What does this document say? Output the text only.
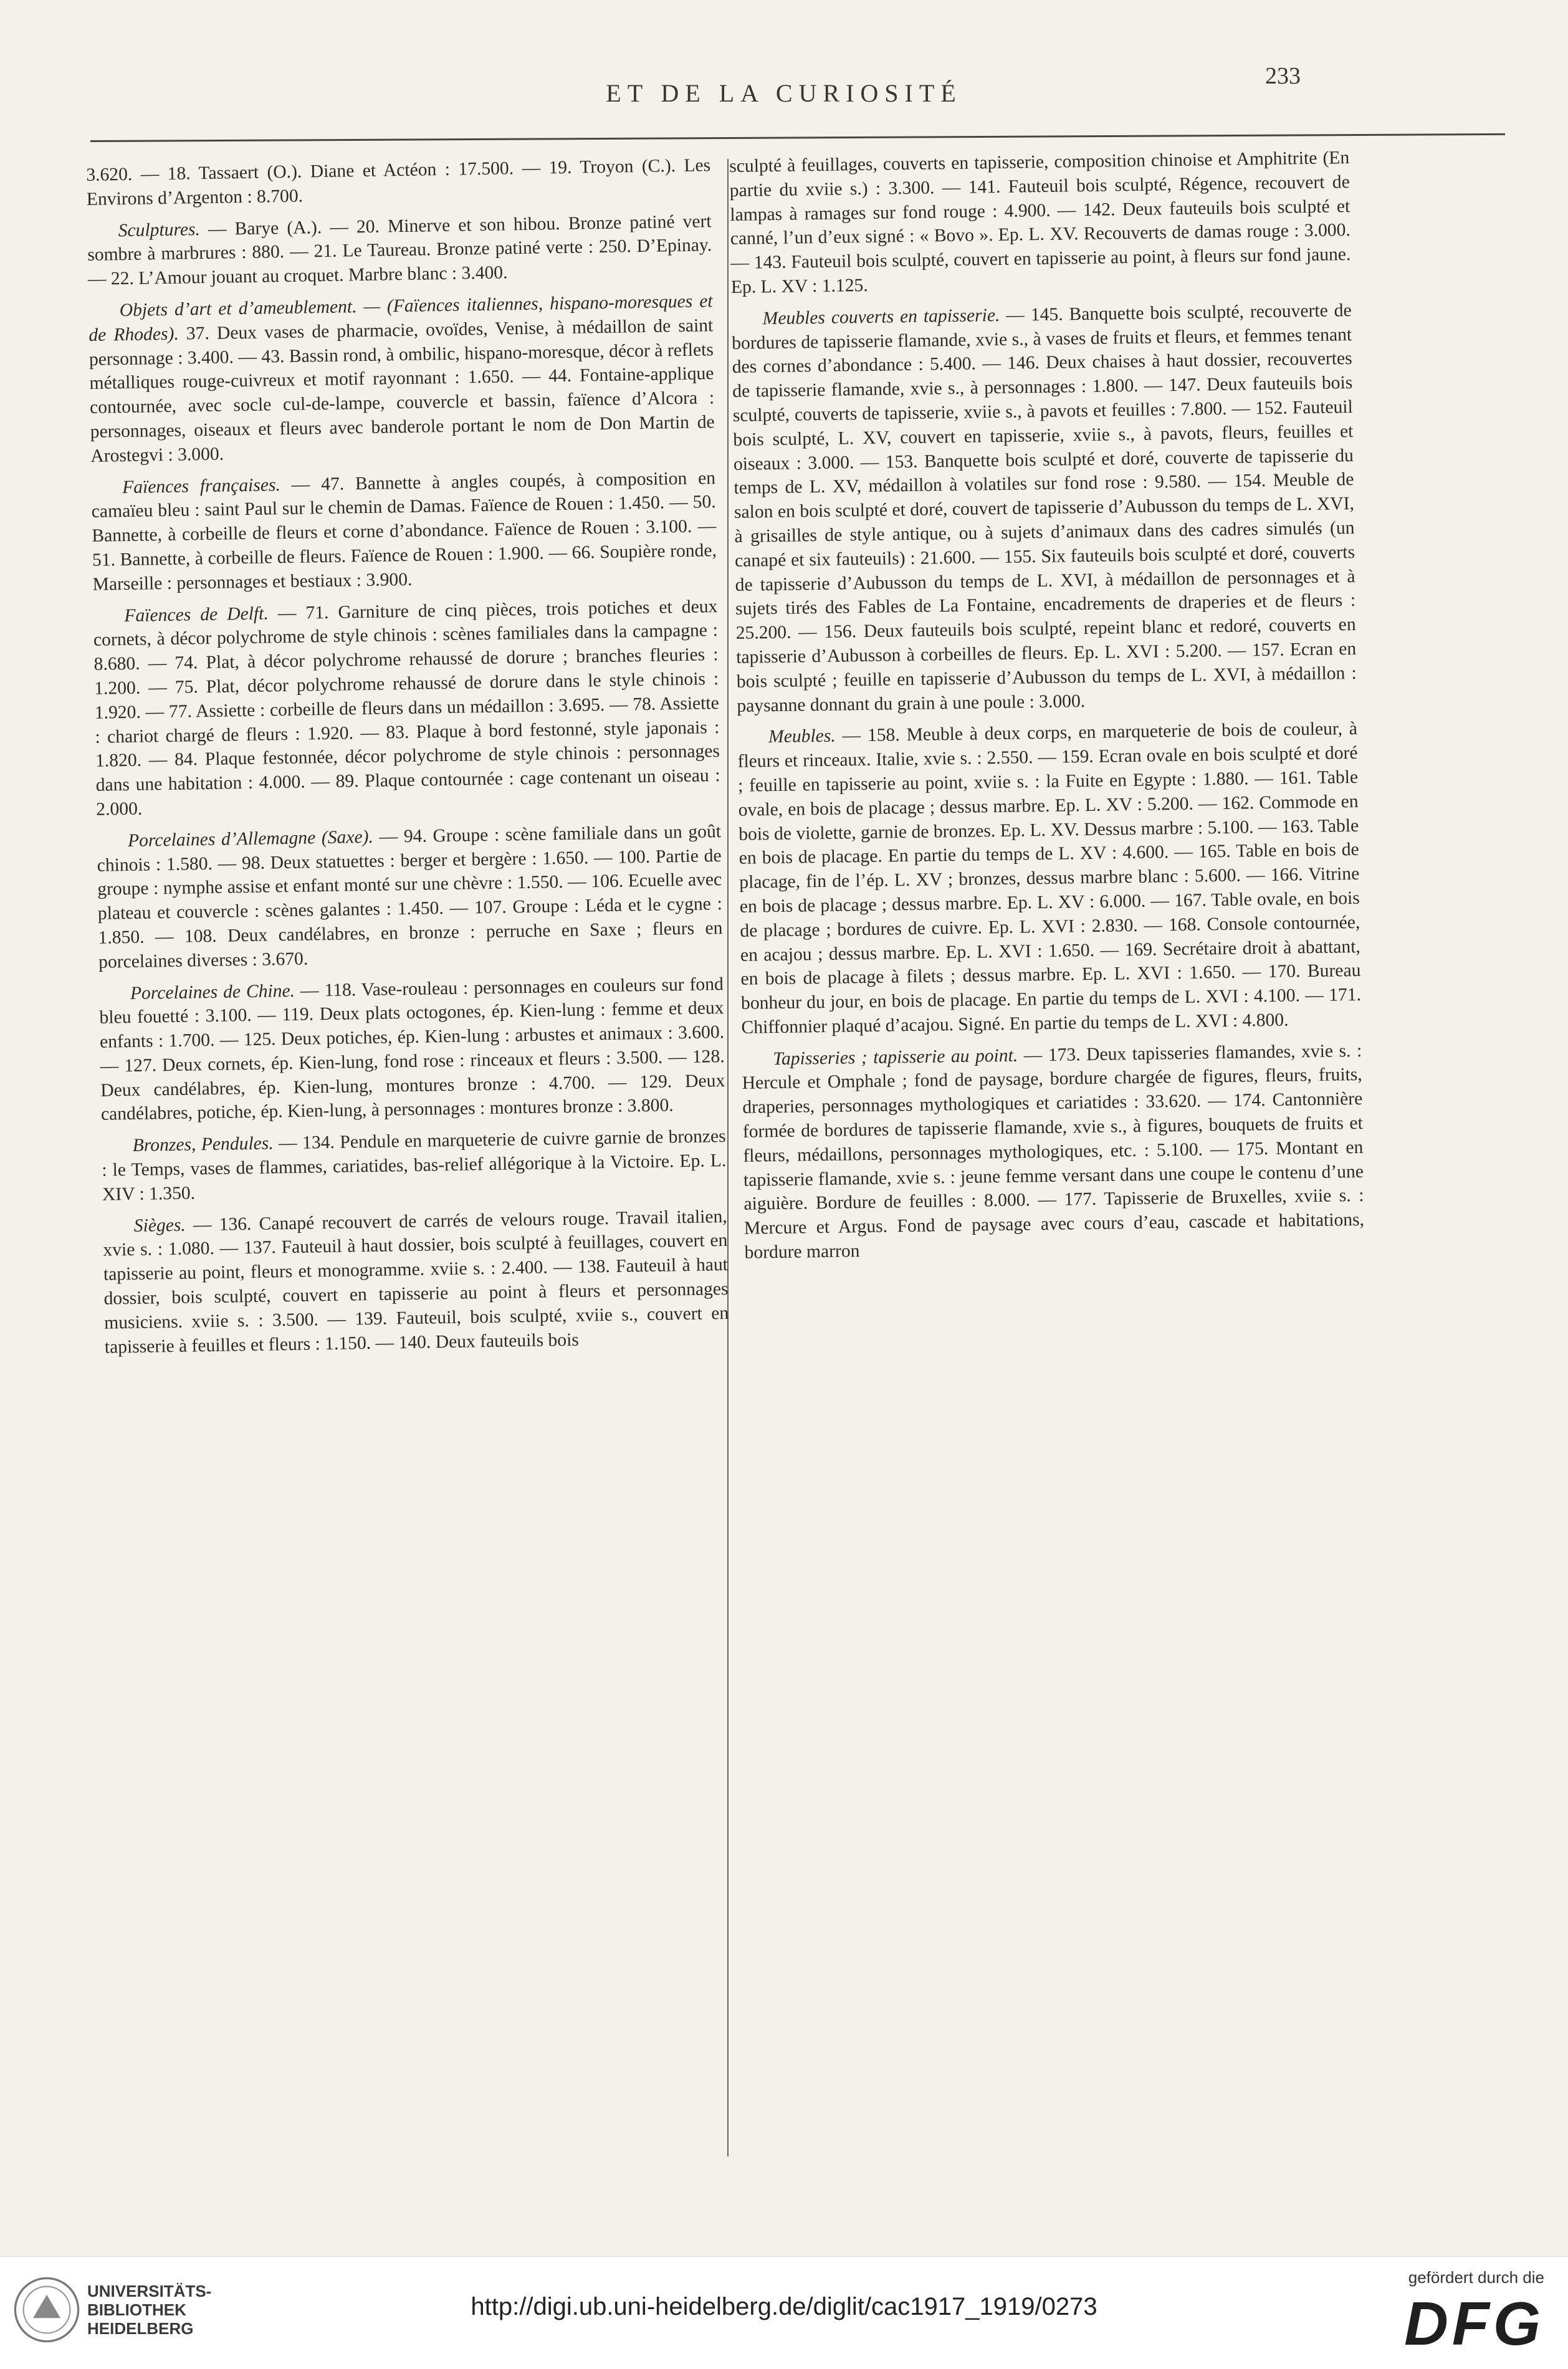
ET DE LA CURIOSITÉ
233

3.620. — 18. Tassaert (O.). Diane et Actéon : 17.500. — 19. Troyon (C.). Les Environs d’Argenton : 8.700.

Sculptures. — Barye (A.). — 20. Minerve et son hibou. Bronze patiné vert sombre à marbrures : 880. — 21. Le Taureau. Bronze patiné verte : 250. D’Epinay. — 22. L’Amour jouant au croquet. Marbre blanc : 3.400.

Objets d’art et d’ameublement. — (Faïences italiennes, hispano-moresques et de Rhodes). 37. Deux vases de pharmacie, ovoïdes, Venise, à médaillon de saint personnage : 3.400. — 43. Bassin rond, à ombilic, hispano-moresque, décor à reflets métalliques rouge-cuivreux et motif rayonnant : 1.650. — 44. Fontaine-applique contournée, avec socle cul-de-lampe, couvercle et bassin, faïence d’Alcora : personnages, oiseaux et fleurs avec banderole portant le nom de Don Martin de Arostegvi : 3.000.

Faïences françaises. — 47. Bannette à angles coupés, à composition en camaïeu bleu : saint Paul sur le chemin de Damas. Faïence de Rouen : 1.450. — 50. Bannette, à corbeille de fleurs et corne d’abondance. Faïence de Rouen : 3.100. — 51. Bannette, à corbeille de fleurs. Faïence de Rouen : 1.900. — 66. Soupière ronde, Marseille : personnages et bestiaux : 3.900.

Faïences de Delft. — 71. Garniture de cinq pièces, trois potiches et deux cornets, à décor polychrome de style chinois : scènes familiales dans la campagne : 8.680. — 74. Plat, à décor polychrome rehaussé de dorure ; branches fleuries : 1.200. — 75. Plat, décor polychrome rehaussé de dorure dans le style chinois : 1.920. — 77. Assiette : corbeille de fleurs dans un médaillon : 3.695. — 78. Assiette : chariot chargé de fleurs : 1.920. — 83. Plaque à bord festonné, style japonais : 1.820. — 84. Plaque festonnée, décor polychrome de style chinois : personnages dans une habitation : 4.000. — 89. Plaque contournée : cage contenant un oiseau : 2.000.

Porcelaines d’Allemagne (Saxe). — 94. Groupe : scène familiale dans un goût chinois : 1.580. — 98. Deux statuettes : berger et bergère : 1.650. — 100. Partie de groupe : nymphe assise et enfant monté sur une chèvre : 1.550. — 106. Ecuelle avec plateau et couvercle : scènes galantes : 1.450. — 107. Groupe : Léda et le cygne : 1.850. — 108. Deux candélabres, en bronze : perruche en Saxe ; fleurs en porcelaines diverses : 3.670.

Porcelaines de Chine. — 118. Vase-rouleau : personnages en couleurs sur fond bleu fouetté : 3.100. — 119. Deux plats octogones, ép. Kien-lung : femme et deux enfants : 1.700. — 125. Deux potiches, ép. Kien-lung : arbustes et animaux : 3.600. — 127. Deux cornets, ép. Kien-lung, fond rose : rinceaux et fleurs : 3.500. — 128. Deux candélabres, ép. Kien-lung, montures bronze : 4.700. — 129. Deux candélabres, potiche, ép. Kien-lung, à personnages : montures bronze : 3.800.

Bronzes, Pendules. — 134. Pendule en marqueterie de cuivre garnie de bronzes : le Temps, vases de flammes, cariatides, bas-relief allégorique à la Victoire. Ep. L. XIV : 1.350.

Sièges. — 136. Canapé recouvert de carrés de velours rouge. Travail italien, xvie s. : 1.080. — 137. Fauteuil à haut dossier, bois sculpté à feuillages, couvert en tapisserie au point, fleurs et monogramme. xviie s. : 2.400. — 138. Fauteuil à haut dossier, bois sculpté, couvert en tapisserie au point à fleurs et personnages musiciens. xviie s. : 3.500. — 139. Fauteuil, bois sculpté, xviie s., couvert en tapisserie à feuilles et fleurs : 1.150. — 140. Deux fauteuils bois

sculpté à feuillages, couverts en tapisserie, composition chinoise et Amphitrite (En partie du xviie s.) : 3.300. — 141. Fauteuil bois sculpté, Régence, recouvert de lampas à ramages sur fond rouge : 4.900. — 142. Deux fauteuils bois sculpté et canné, l’un d’eux signé : « Bovo ». Ep. L. XV. Recouverts de damas rouge : 3.000. — 143. Fauteuil bois sculpté, couvert en tapisserie au point, à fleurs sur fond jaune. Ep. L. XV : 1.125.

Meubles couverts en tapisserie. — 145. Banquette bois sculpté, recouverte de bordures de tapisserie flamande, xvie s., à vases de fruits et fleurs, et femmes tenant des cornes d’abondance : 5.400. — 146. Deux chaises à haut dossier, recouvertes de tapisserie flamande, xvie s., à personnages : 1.800. — 147. Deux fauteuils bois sculpté, couverts de tapisserie, xviie s., à pavots et feuilles : 7.800. — 152. Fauteuil bois sculpté, L. XV, couvert en tapisserie, xviie s., à pavots, fleurs, feuilles et oiseaux : 3.000. — 153. Banquette bois sculpté et doré, couverte de tapisserie du temps de L. XV, médaillon à volatiles sur fond rose : 9.580. — 154. Meuble de salon en bois sculpté et doré, couvert de tapisserie d’Aubusson du temps de L. XVI, à grisailles de style antique, ou à sujets d’animaux dans des cadres simulés (un canapé et six fauteuils) : 21.600. — 155. Six fauteuils bois sculpté et doré, couverts de tapisserie d’Aubusson du temps de L. XVI, à médaillon de personnages et à sujets tirés des Fables de La Fontaine, encadrements de draperies et de fleurs : 25.200. — 156. Deux fauteuils bois sculpté, repeint blanc et redoré, couverts en tapisserie d’Aubusson à corbeilles de fleurs. Ep. L. XVI : 5.200. — 157. Ecran en bois sculpté ; feuille en tapisserie d’Aubusson du temps de L. XVI, à médaillon : paysanne donnant du grain à une poule : 3.000.

Meubles. — 158. Meuble à deux corps, en marqueterie de bois de couleur, à fleurs et rinceaux. Italie, xvie s. : 2.550. — 159. Ecran ovale en bois sculpté et doré ; feuille en tapisserie au point, xviie s. : la Fuite en Egypte : 1.880. — 161. Table ovale, en bois de placage ; dessus marbre. Ep. L. XV : 5.200. — 162. Commode en bois de violette, garnie de bronzes. Ep. L. XV. Dessus marbre : 5.100. — 163. Table en bois de placage. En partie du temps de L. XV : 4.600. — 165. Table en bois de placage, fin de l’ép. L. XV ; bronzes, dessus marbre blanc : 5.600. — 166. Vitrine en bois de placage ; dessus marbre. Ep. L. XV : 6.000. — 167. Table ovale, en bois de placage ; bordures de cuivre. Ep. L. XVI : 2.830. — 168. Console contournée, en acajou ; dessus marbre. Ep. L. XVI : 1.650. — 169. Secrétaire droit à abattant, en bois de placage à filets ; dessus marbre. Ep. L. XVI : 1.650. — 170. Bureau bonheur du jour, en bois de placage. En partie du temps de L. XVI : 4.100. — 171. Chiffonnier plaqué d’acajou. Signé. En partie du temps de L. XVI : 4.800.

Tapisseries ; tapisserie au point. — 173. Deux tapisseries flamandes, xvie s. : Hercule et Omphale ; fond de paysage, bordure chargée de figures, fleurs, fruits, draperies, personnages mythologiques et cariatides : 33.620. — 174. Cantonnière formée de bordures de tapisserie flamande, xvie s., à figures, bouquets de fruits et fleurs, médaillons, personnages mythologiques, etc. : 5.100. — 175. Montant en tapisserie flamande, xvie s. : jeune femme versant dans une coupe le contenu d’une aiguière. Bordure de feuilles : 8.000. — 177. Tapisserie de Bruxelles, xviie s. : Mercure et Argus. Fond de paysage avec cours d’eau, cascade et habitations, bordure marron

UNIVERSITÄTS-
BIBLIOTHEK
HEIDELBERG
http://digi.ub.uni-heidelberg.de/diglit/cac1917_1919/0273
gefördert durch die
DFG
